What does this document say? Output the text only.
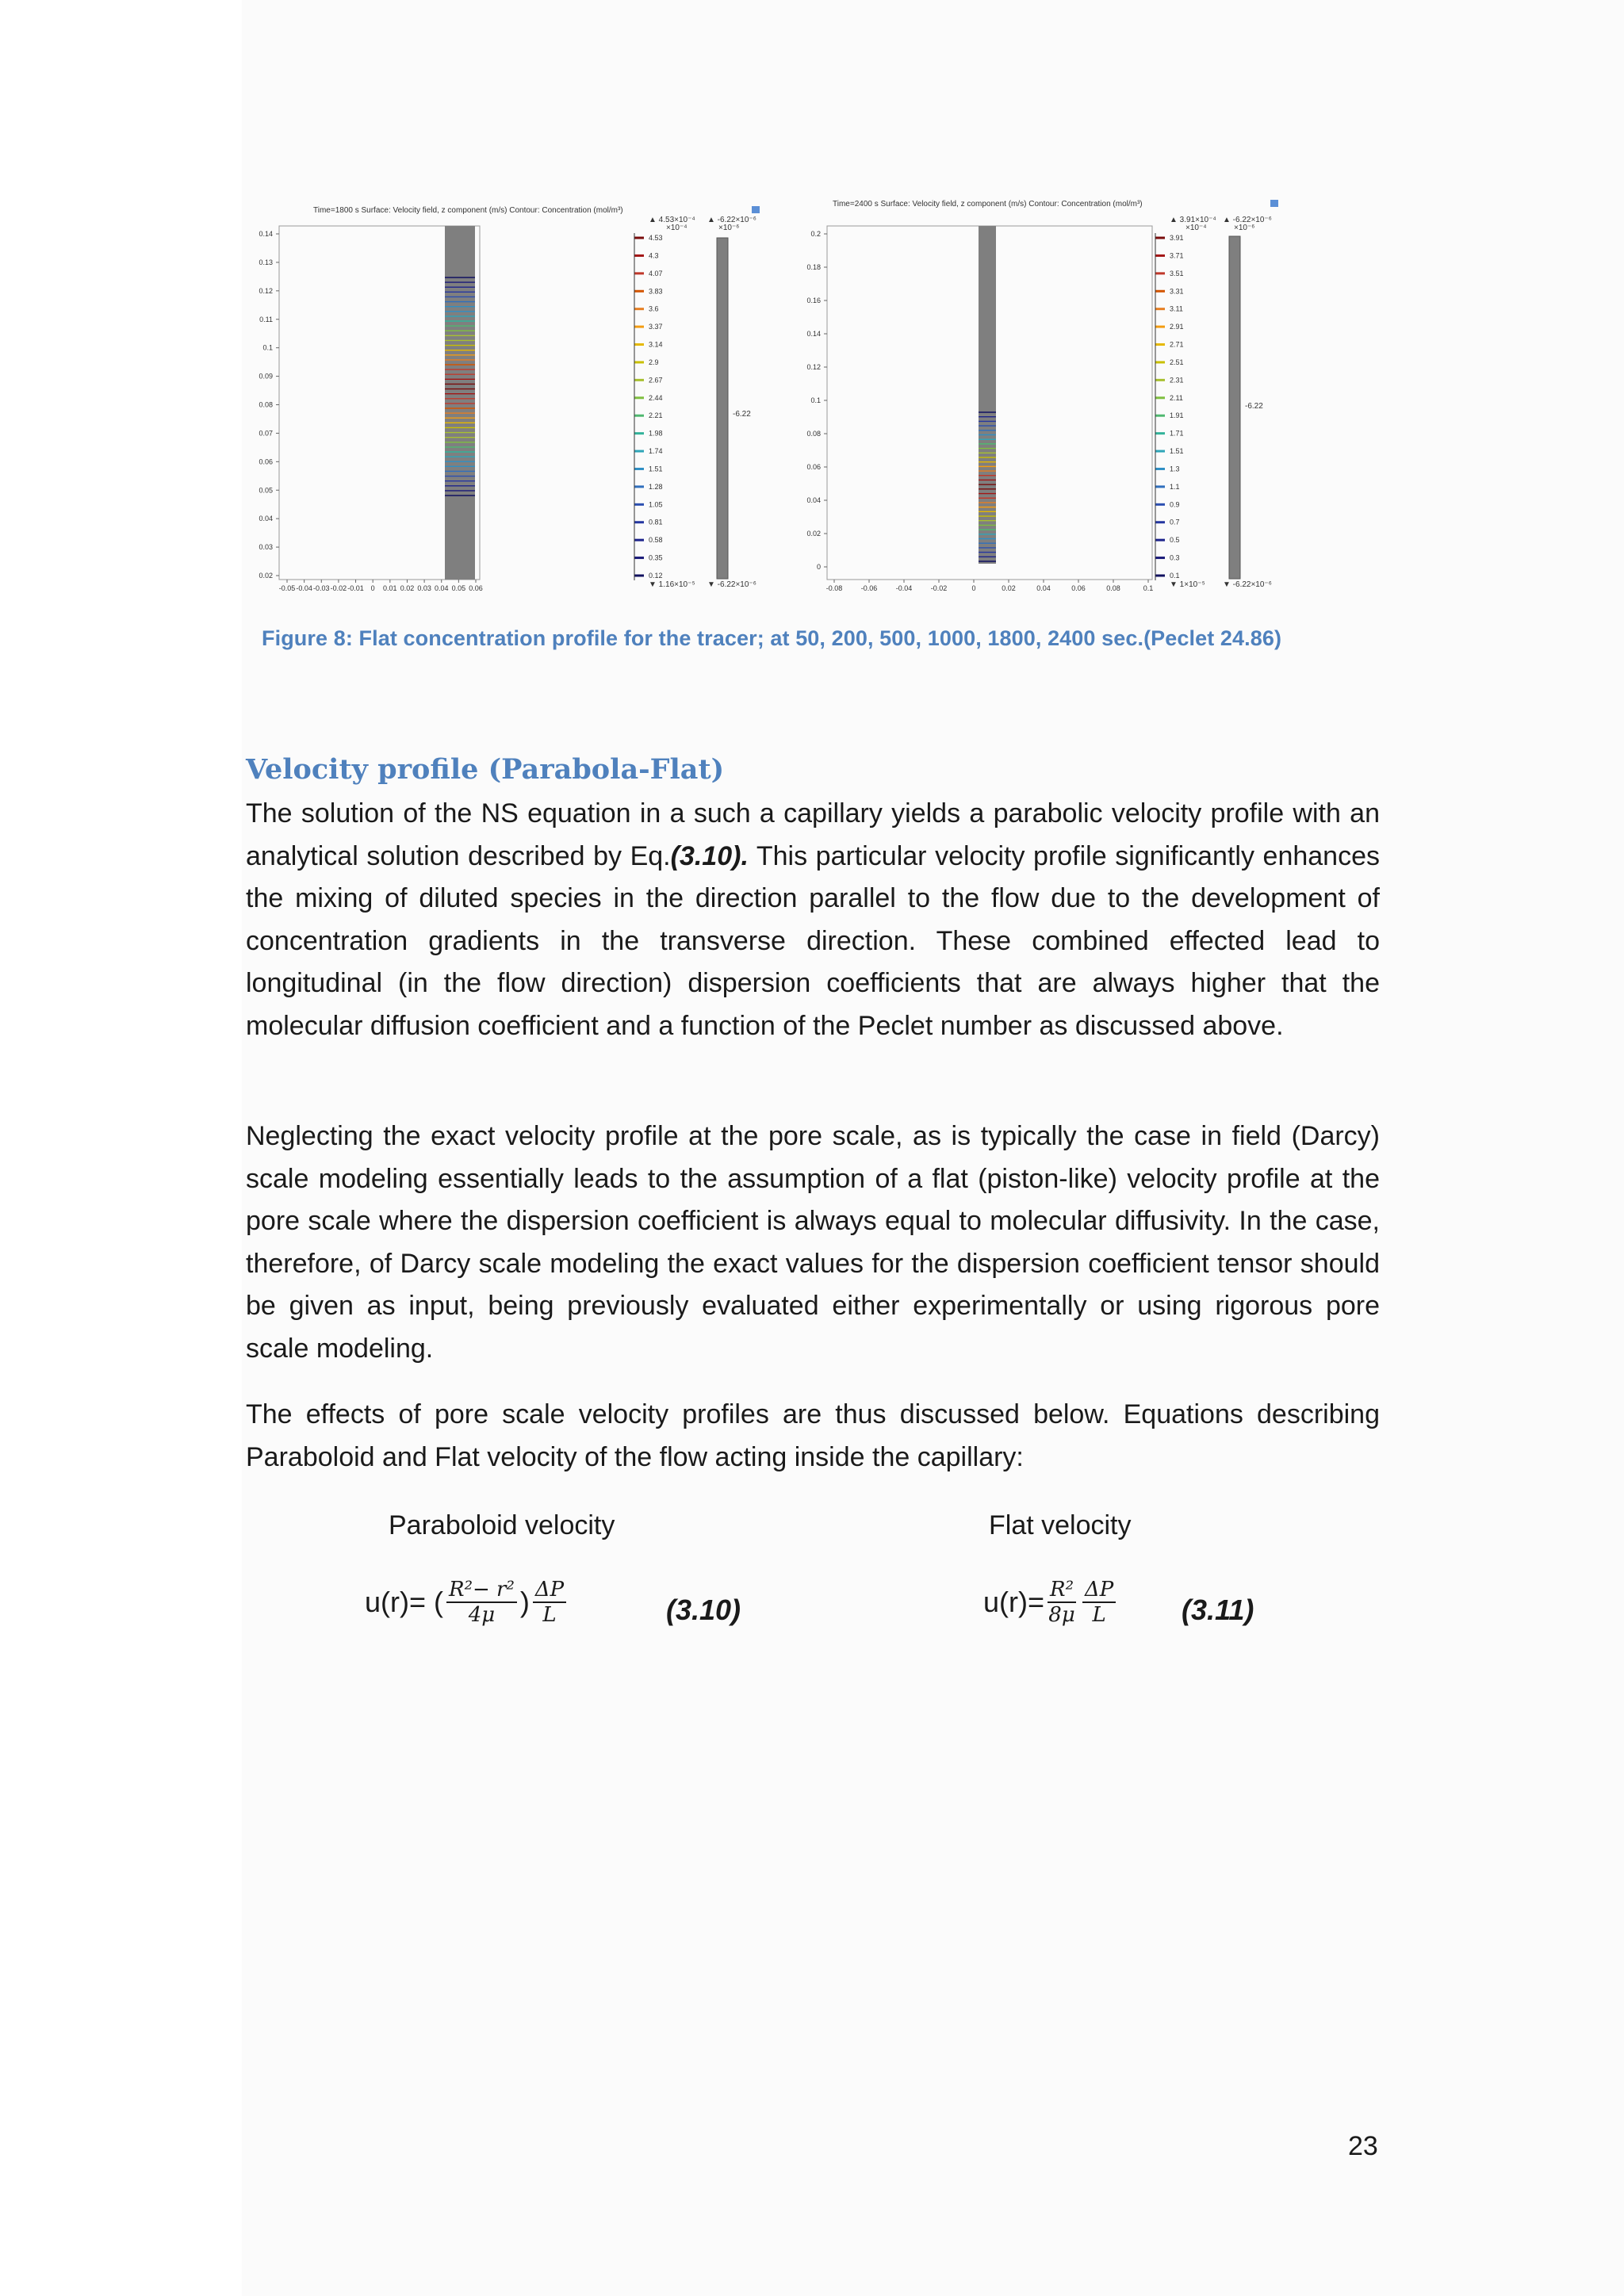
Time=1800 s Surface: Velocity field, z component (m/s) Contour: Concentration (mol/m³)
0.14
0.13
0.12
0.11
0.1
0.09
0.08
0.07
0.06
0.05
0.04
0.03
0.02
-0.05 -0.04 -0.03 -0.02 -0.01 0 0.01 0.02 0.03 0.04 0.05 0.06
▲ 4.53×10⁻⁴
×10⁻⁴
4.53
4.3
4.07
3.83
3.6
3.37
3.14
2.9
2.67
2.44
2.21
1.98
1.74
1.51
1.28
1.05
0.81
0.58
0.35
0.12
▼ 1.16×10⁻⁵
▲ -6.22×10⁻⁶
×10⁻⁶
-6.22
▼ -6.22×10⁻⁶
Time=2400 s Surface: Velocity field, z component (m/s) Contour: Concentration (mol/m³)
0.2
0.18
0.16
0.14
0.12
0.1
0.08
0.06
0.04
0.02
0
-0.08	-0.06	-0.04	-0.02	0	0.02	0.04	0.06	0.08	0.1
▲ 3.91×10⁻⁴
×10⁻⁴
3.91
3.71
3.51
3.31
3.11
2.91
2.71
2.51
2.31
2.11
1.91
1.71
1.51
1.3
1.1
0.9
0.7
0.5
0.3
0.1
▼ 1×10⁻⁵
▲ -6.22×10⁻⁶
×10⁻⁶
-6.22
▼ -6.22×10⁻⁶
Figure 8: Flat concentration profile for the tracer; at 50, 200, 500, 1000, 1800, 2400 sec.(Peclet 24.86)
Velocity profile (Parabola-Flat)
The solution of the NS equation in a such a capillary yields a parabolic velocity profile with an analytical solution described by Eq.(3.10). This particular velocity profile significantly enhances the mixing of diluted species in the direction parallel to the flow due to the development of concentration gradients in the transverse direction. These combined effected lead to longitudinal (in the flow direction) dispersion coefficients that are always higher that the molecular diffusion coefficient and a function of the Peclet number as discussed above.
Neglecting the exact velocity profile at the pore scale, as is typically the case in field (Darcy) scale modeling essentially leads to the assumption of a flat (piston-like) velocity profile at the pore scale where the dispersion coefficient is always equal to molecular diffusivity. In the case, therefore, of Darcy scale modeling the exact values for the dispersion coefficient tensor should be given as input, being previously evaluated either experimentally or using rigorous pore scale modeling.
The effects of pore scale velocity profiles are thus discussed below. Equations describing Paraboloid and Flat velocity of the flow acting inside the capillary:
Paraboloid velocity	Flat velocity
u(r)= ( $\frac{\text{R²− r²}}{4\mu}$ ) $\frac{\Delta P}{L}$	(3.10)	$u(r)= \frac{\text{R²}}{8\mu} \frac{\Delta P}{L} (3.11)$
23
